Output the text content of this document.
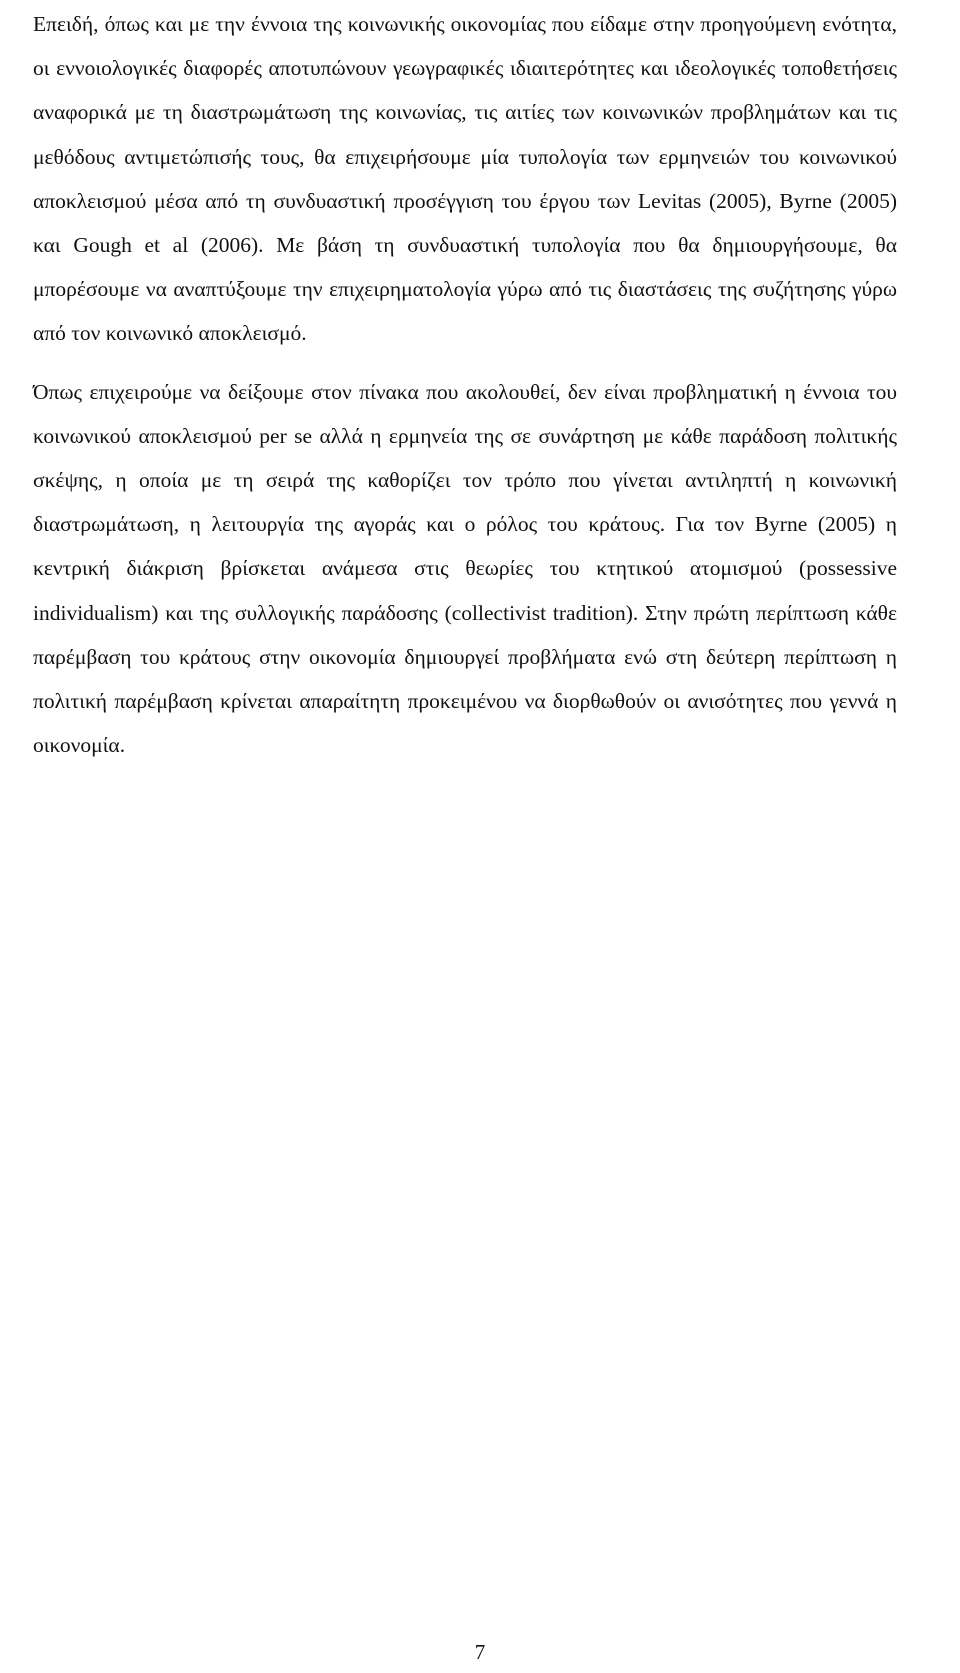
Επειδή, όπως και με την έννοια της κοινωνικής οικονομίας που είδαμε στην προηγούμενη ενότητα, οι εννοιολογικές διαφορές αποτυπώνουν γεωγραφικές ιδιαιτερότητες και ιδεολογικές τοποθετήσεις αναφορικά με τη διαστρωμάτωση της κοινωνίας, τις αιτίες των κοινωνικών προβλημάτων και τις μεθόδους αντιμετώπισής τους, θα επιχειρήσουμε μία τυπολογία των ερμηνειών του κοινωνικού αποκλεισμού μέσα από τη συνδυαστική προσέγγιση του έργου των Levitas (2005), Byrne (2005) και Gough et al (2006). Με βάση τη συνδυαστική τυπολογία που θα δημιουργήσουμε, θα μπορέσουμε να αναπτύξουμε την επιχειρηματολογία γύρω από τις διαστάσεις της συζήτησης γύρω από τον κοινωνικό αποκλεισμό.

Όπως επιχειρούμε να δείξουμε στον πίνακα που ακολουθεί, δεν είναι προβληματική η έννοια του κοινωνικού αποκλεισμού per se αλλά η ερμηνεία της σε συνάρτηση με κάθε παράδοση πολιτικής σκέψης, η οποία με τη σειρά της καθορίζει τον τρόπο που γίνεται αντιληπτή η κοινωνική διαστρωμάτωση, η λειτουργία της αγοράς και ο ρόλος του κράτους. Για τον Byrne (2005) η κεντρική διάκριση βρίσκεται ανάμεσα στις θεωρίες του κτητικού ατομισμού (possessive individualism) και της συλλογικής παράδοσης (collectivist tradition). Στην πρώτη περίπτωση κάθε παρέμβαση του κράτους στην οικονομία δημιουργεί προβλήματα ενώ στη δεύτερη περίπτωση η πολιτική παρέμβαση κρίνεται απαραίτητη προκειμένου να διορθωθούν οι ανισότητες που γεννά η οικονομία.

7
